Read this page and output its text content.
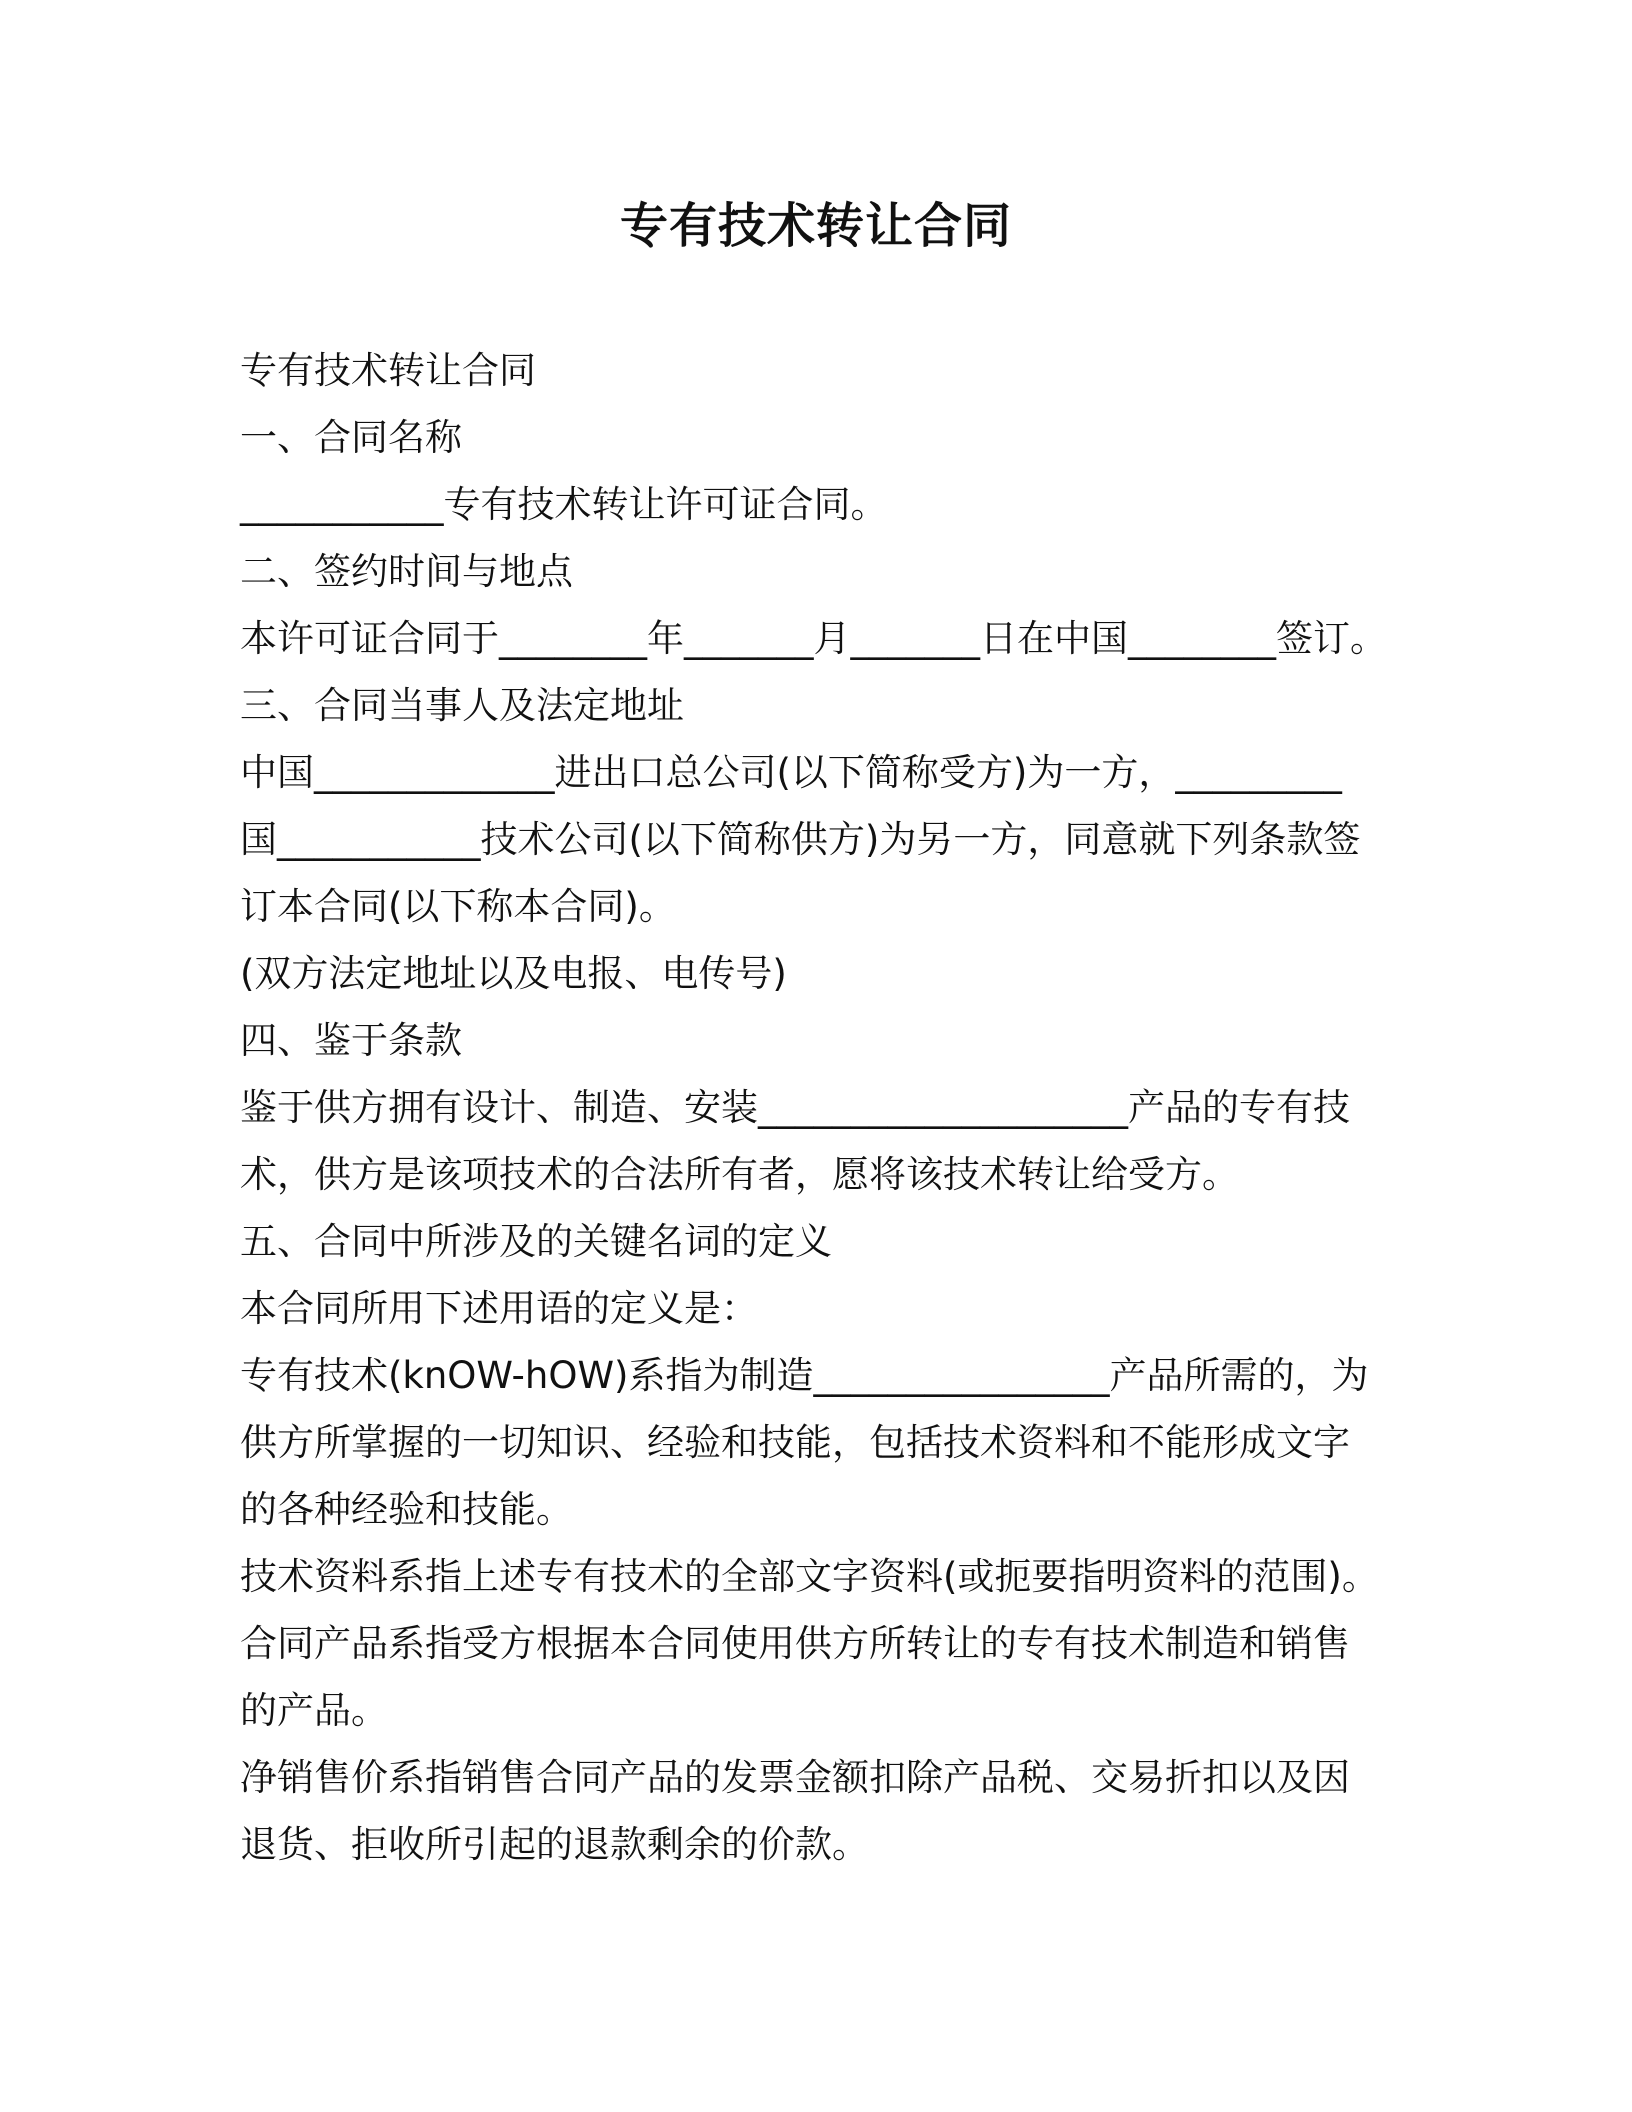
专有技术转让合同
专有技术转让合同
一、合同名称
___________专有技术转让许可证合同。
二、签约时间与地点
本许可证合同于________年_______月_______日在中国________签订。
三、合同当事人及法定地址
中国_____________进出口总公司(以下简称受方)为一方，_________
国___________技术公司(以下简称供方)为另一方，同意就下列条款签
订本合同(以下称本合同)。
(双方法定地址以及电报、电传号)
四、鉴于条款
鉴于供方拥有设计、制造、安装____________________产品的专有技
术，供方是该项技术的合法所有者，愿将该技术转让给受方。
五、合同中所涉及的关键名词的定义
本合同所用下述用语的定义是：
专有技术(knOW-hOW)系指为制造________________产品所需的，为
供方所掌握的一切知识、经验和技能，包括技术资料和不能形成文字
的各种经验和技能。
技术资料系指上述专有技术的全部文字资料(或扼要指明资料的范围)。
合同产品系指受方根据本合同使用供方所转让的专有技术制造和销售
的产品。
净销售价系指销售合同产品的发票金额扣除产品税、交易折扣以及因
退货、拒收所引起的退款剩余的价款。
